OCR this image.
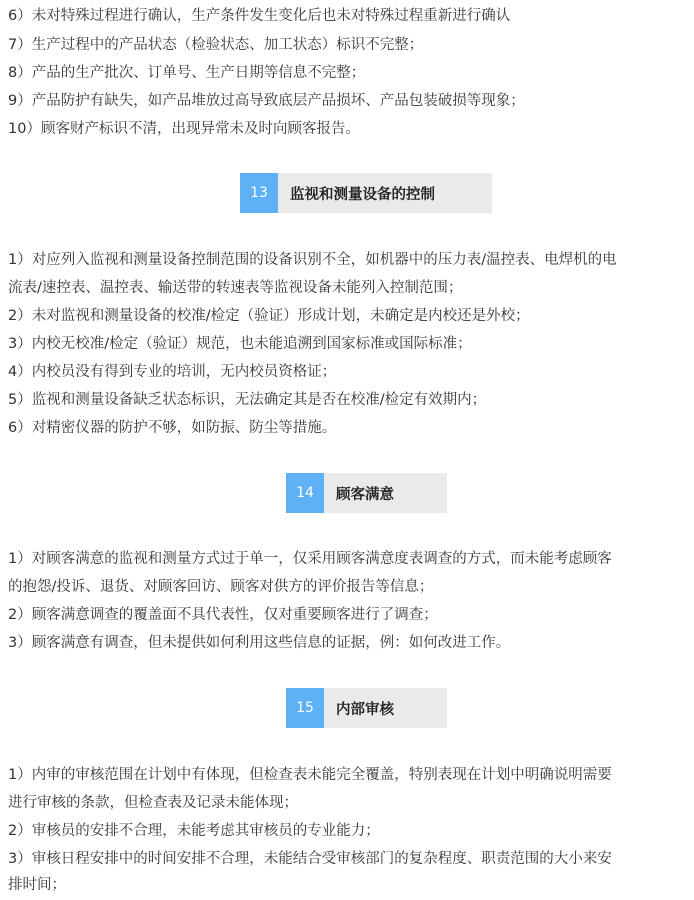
6）未对特殊过程进行确认，生产条件发生变化后也未对特殊过程重新进行确认
7）生产过程中的产品状态（检验状态、加工状态）标识不完整；
8）产品的生产批次、订单号、生产日期等信息不完整；
9）产品防护有缺失，如产品堆放过高导致底层产品损坏、产品包装破损等现象；
10）顾客财产标识不清，出现异常未及时向顾客报告。
13	监视和测量设备的控制
1）对应列入监视和测量设备控制范围的设备识别不全，如机器中的压力表/温控表、电焊机的电
流表/速控表、温控表、输送带的转速表等监视设备未能列入控制范围；
2）未对监视和测量设备的校准/检定（验证）形成计划，未确定是内校还是外校；
3）内校无校准/检定（验证）规范，也未能追溯到国家标准或国际标准；
4）内校员没有得到专业的培训，无内校员资格证；
5）监视和测量设备缺乏状态标识，无法确定其是否在校准/检定有效期内；
6）对精密仪器的防护不够，如防振、防尘等措施。
14	顾客满意
1）对顾客满意的监视和测量方式过于单一，仅采用顾客满意度表调查的方式，而未能考虑顾客
的抱怨/投诉、退货、对顾客回访、顾客对供方的评价报告等信息；
2）顾客满意调查的覆盖面不具代表性，仅对重要顾客进行了调查；
3）顾客满意有调查，但未提供如何利用这些信息的证据，例：如何改进工作。
15	内部审核
1）内审的审核范围在计划中有体现，但检查表未能完全覆盖，特别表现在计划中明确说明需要
进行审核的条款，但检查表及记录未能体现；
2）审核员的安排不合理，未能考虑其审核员的专业能力；
3）审核日程安排中的时间安排不合理，未能结合受审核部门的复杂程度、职责范围的大小来安
排时间；
